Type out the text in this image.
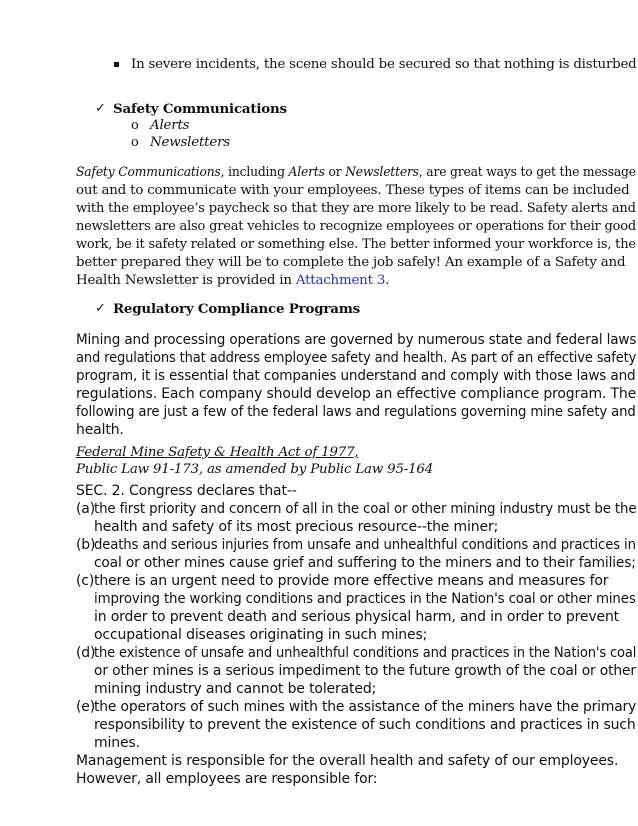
In severe incidents, the scene should be secured so that nothing is disturbed
✓ Safety Communications
o Alerts
o Newsletters
Safety Communications, including Alerts or Newsletters, are great ways to get the message
out and to communicate with your employees. These types of items can be included
with the employee’s paycheck so that they are more likely to be read. Safety alerts and
newsletters are also great vehicles to recognize employees or operations for their good
work, be it safety related or something else. The better informed your workforce is, the
better prepared they will be to complete the job safely! An example of a Safety and
Health Newsletter is provided in Attachment 3.
✓ Regulatory Compliance Programs
Mining and processing operations are governed by numerous state and federal laws
and regulations that address employee safety and health. As part of an effective safety
program, it is essential that companies understand and comply with those laws and
regulations. Each company should develop an effective compliance program. The
following are just a few of the federal laws and regulations governing mine safety and
health.
Federal Mine Safety & Health Act of 1977,
Public Law 91-173, as amended by Public Law 95-164
SEC. 2. Congress declares that--
(a)
the first priority and concern of all in the coal or other mining industry must be the
health and safety of its most precious resource--the miner;
(b)
deaths and serious injuries from unsafe and unhealthful conditions and practices in
coal or other mines cause grief and suffering to the miners and to their families;
(c) there is an urgent need to provide more effective means and measures for
improving the working conditions and practices in the Nation's coal or other mines
in order to prevent death and serious physical harm, and in order to prevent
occupational diseases originating in such mines;
(d)
the existence of unsafe and unhealthful conditions and practices in the Nation's coal
or other mines is a serious impediment to the future growth of the coal or other
mining industry and cannot be tolerated;
(e)
the operators of such mines with the assistance of the miners have the primary
responsibility to prevent the existence of such conditions and practices in such
mines.
Management is responsible for the overall health and safety of our employees.
However, all employees are responsible for:
